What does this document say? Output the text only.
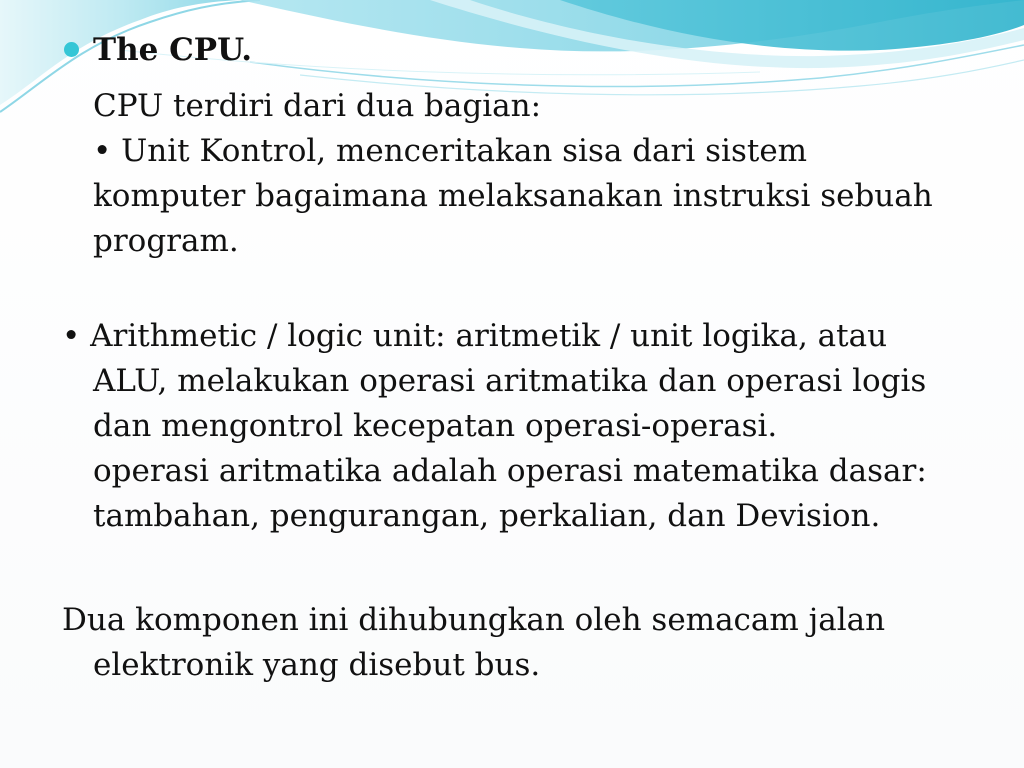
The CPU.
CPU terdiri dari dua bagian:
• Unit Kontrol, menceritakan sisa dari sistem
komputer bagaimana melaksanakan instruksi sebuah
program.
• Arithmetic / logic unit: aritmetik / unit logika, atau
ALU, melakukan operasi aritmatika dan operasi logis
dan mengontrol kecepatan operasi-operasi.
operasi aritmatika adalah operasi matematika dasar:
tambahan, pengurangan, perkalian, dan Devision.
Dua komponen ini dihubungkan oleh semacam jalan
elektronik yang disebut bus.
